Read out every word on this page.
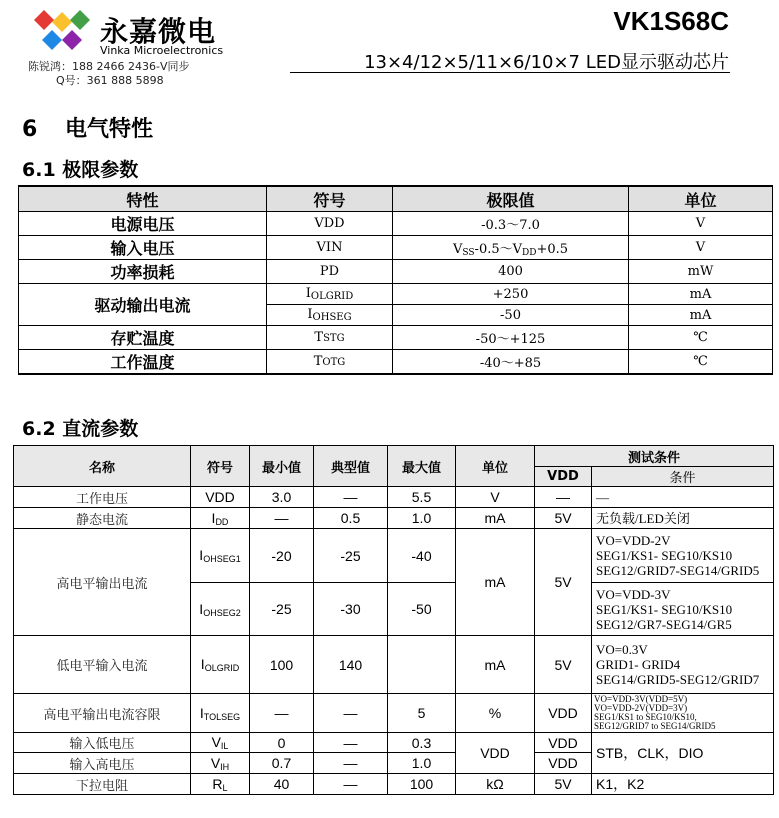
永嘉微电
Vinka Microelectronics
陈锐鸿：188 2466 2436-V同步
Q号：361 888 5898
VK1S68C
13×4/12×5/11×6/10×7 LED显示驱动芯片
6 电气特性
6.1 极限参数
特性	符号	极限值	单位
电源电压	VDD	-0.3～7.0	V
输入电压	VIN	$V_{SS}-0.5\sim V_{DD}+0.5$	V
功率损耗	PD	400	mW
驱动输出电流	$I_{OLGRID}$	+250	mA
	$I_{OHSEG}$	-50	mA
存贮温度	TSTG	-50～+125	℃
工作温度	TOTG	-40～+85	℃
6.2 直流参数
名称	符号	最小值	典型值	最大值	单位	测试条件	
						VDD	条件
工作电压	VDD	3.0	—	5.5	V	—	—
静态电流	$I_{DD}$	—	0.5	1.0	mA	5V	无负载/LED关闭
高电平输出电流	$I_{OHSEG1}$	-20	-25	-40	mA	5V	VO=VDD-2V
SEG1/KS1- SEG10/KS10
SEG12/GRID7-SEG14/GRID5

	$I_{OHSEG2}$	-25	-30	-50			VO=VDD-3V
SEG1/KS1- SEG10/KS10
SEG12/GR7-SEG14/GR5

低电平输入电流	$I_{OLGRID}$	100	140		mA	5V	VO=0.3V
GRID1- GRID4
SEG14/GRID5-SEG12/GRID7

高电平输出电流容限	$I_{TOLSEG}$	—	—	5	%	VDD	VO=VDD-3V(VDD=5V)
VO=VDD-2V(VDD=3V)
SEG1/KS1 to SEG10/KS10,
SEG12/GRID7 to SEG14/GRID5

输入低电压	$V_{IL}$	0	—	0.3	VDD	VDD	STB，CLK，DIO
输入高电压	$V_{IH}$	0.7	—	1.0		VDD	
下拉电阻	$R_L$	40	—	100	kΩ	5V	K1，K2
